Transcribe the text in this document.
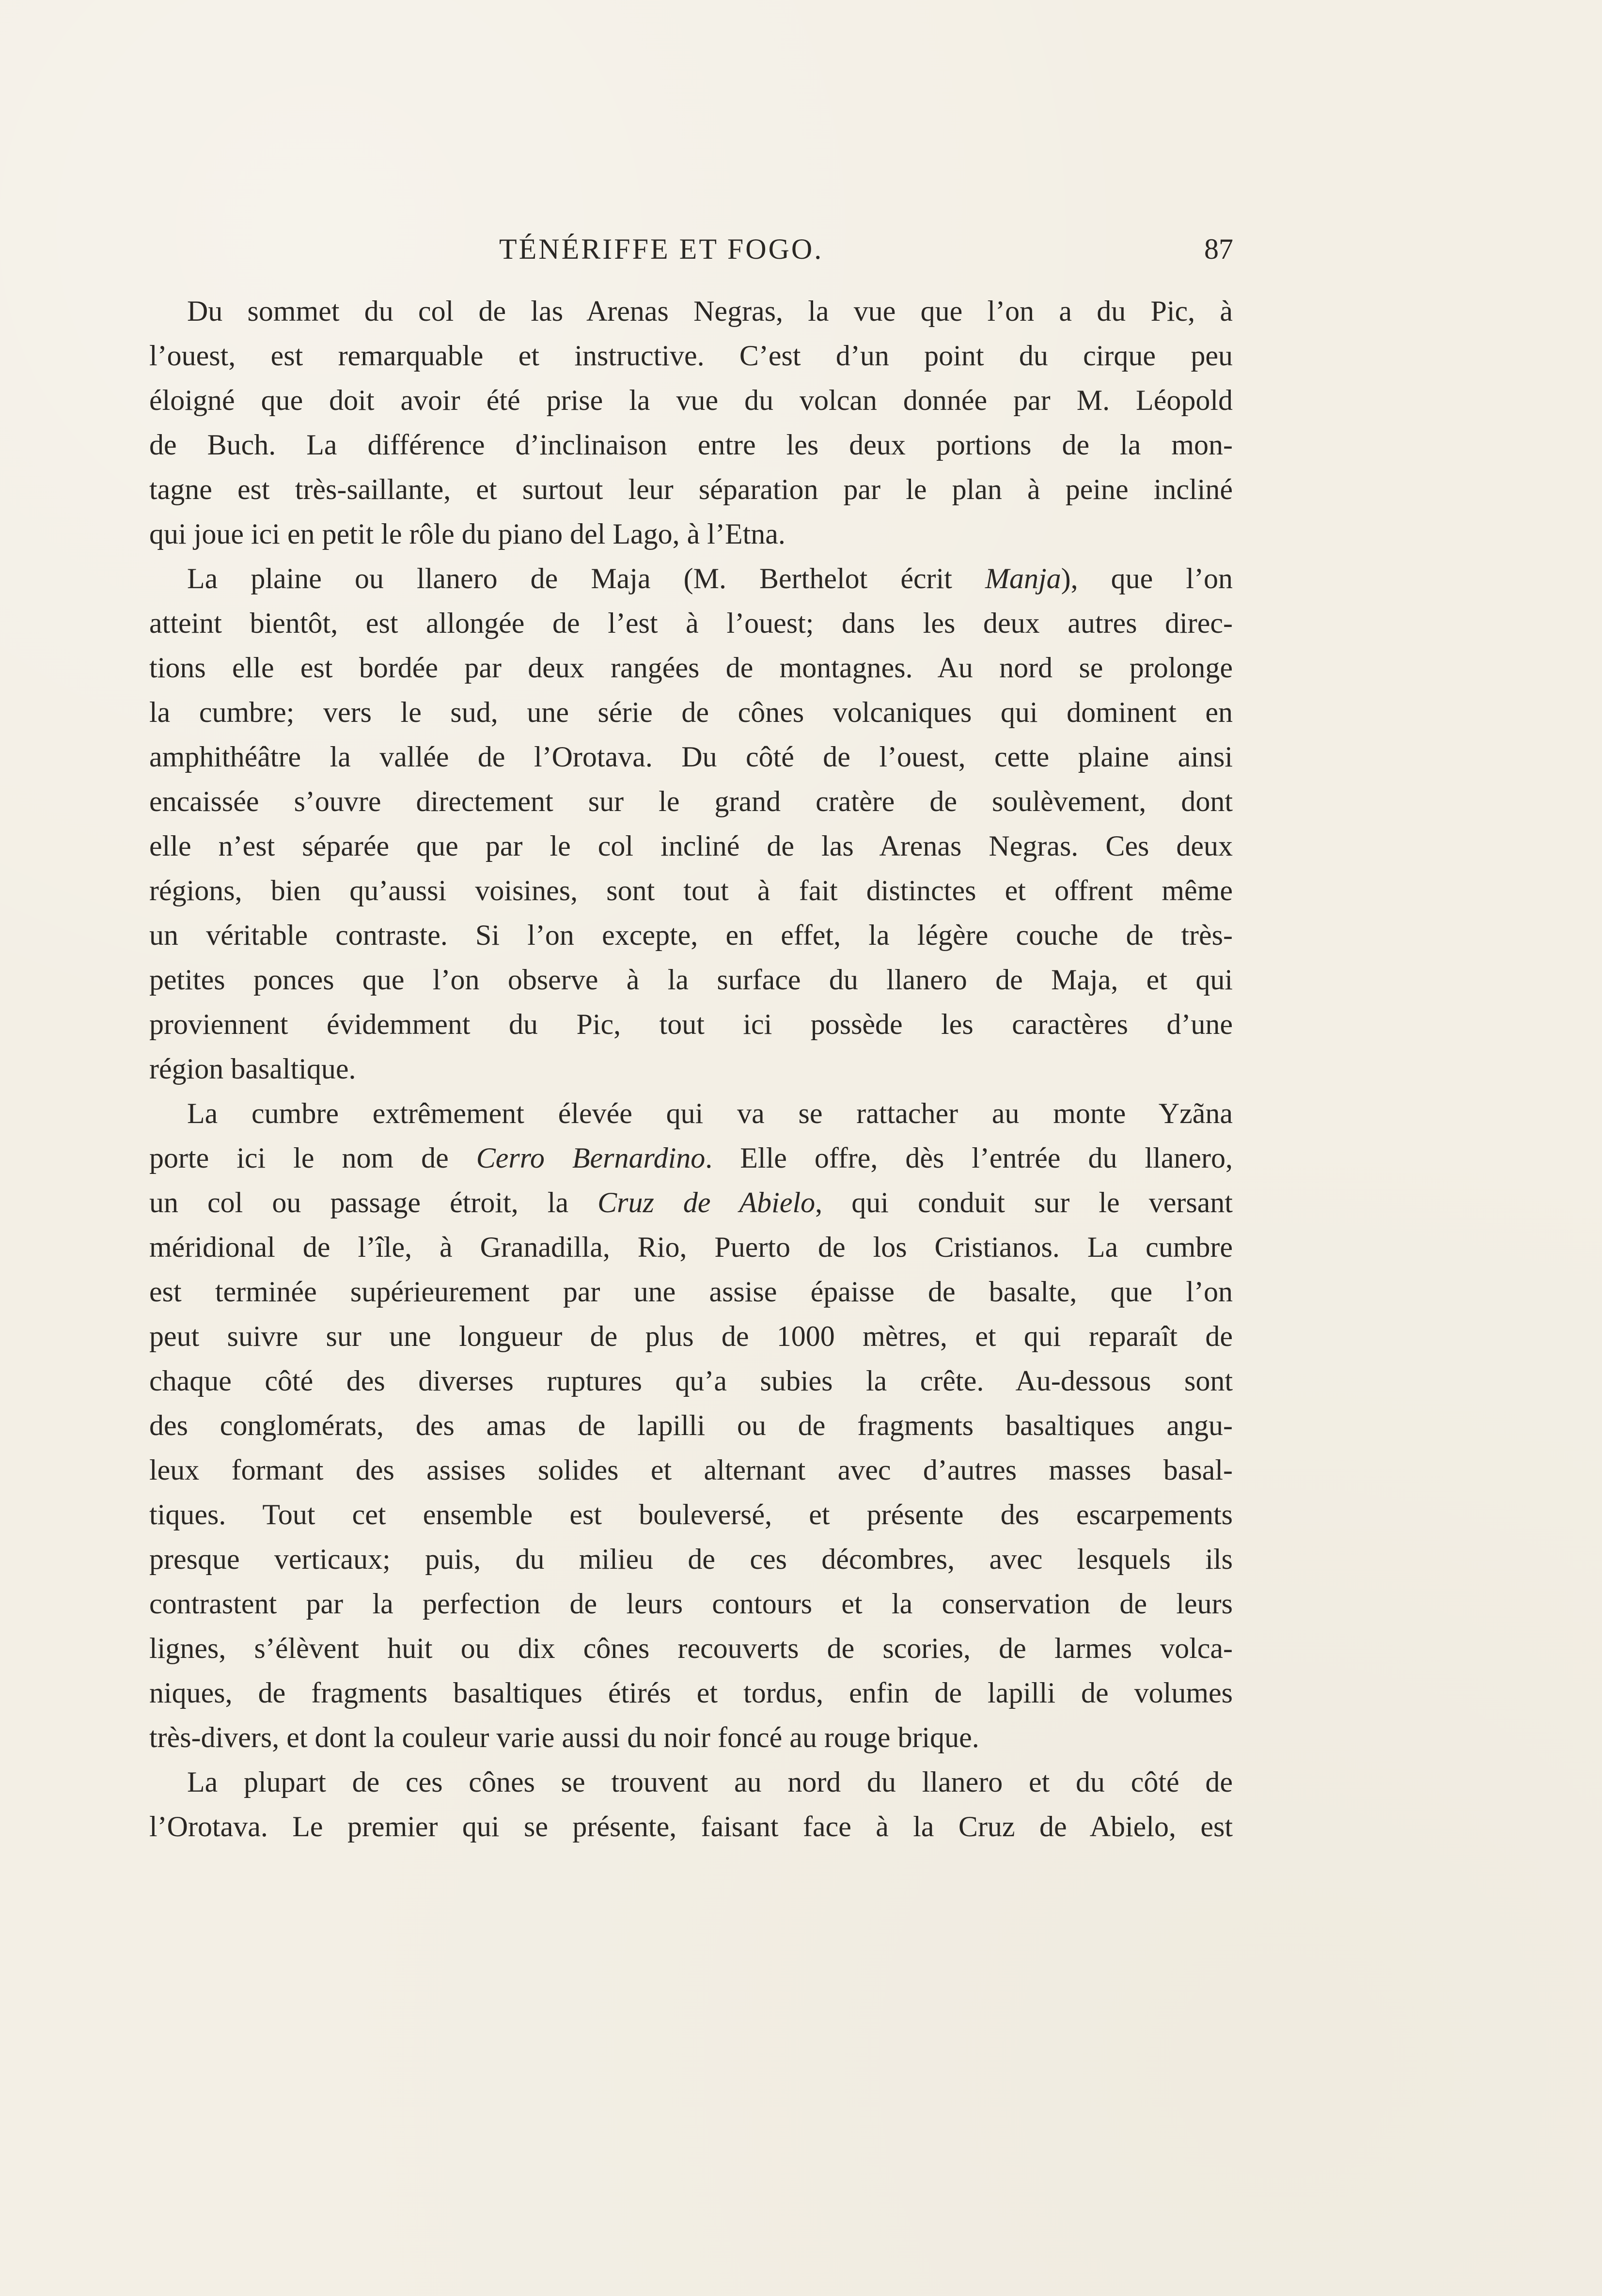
TÉNÉRIFFE ET FOGO.	87
Du sommet du col de las Arenas Negras, la vue que l’on a du Pic, à
l’ouest, est remarquable et instructive. C’est d’un point du cirque peu
éloigné que doit avoir été prise la vue du volcan donnée par M. Léopold
de Buch. La différence d’inclinaison entre les deux portions de la mon-
tagne est très-saillante, et surtout leur séparation par le plan à peine incliné
qui joue ici en petit le rôle du piano del Lago, à l’Etna.
La plaine ou llanero de Maja (M. Berthelot écrit Manja), que l’on
atteint bientôt, est allongée de l’est à l’ouest; dans les deux autres direc-
tions elle est bordée par deux rangées de montagnes. Au nord se prolonge
la cumbre; vers le sud, une série de cônes volcaniques qui dominent en
amphithéâtre la vallée de l’Orotava. Du côté de l’ouest, cette plaine ainsi
encaissée s’ouvre directement sur le grand cratère de soulèvement, dont
elle n’est séparée que par le col incliné de las Arenas Negras. Ces deux
régions, bien qu’aussi voisines, sont tout à fait distinctes et offrent même
un véritable contraste. Si l’on excepte, en effet, la légère couche de très-
petites ponces que l’on observe à la surface du llanero de Maja, et qui
proviennent évidemment du Pic, tout ici possède les caractères d’une
région basaltique.
La cumbre extrêmement élevée qui va se rattacher au monte Yzãna
porte ici le nom de Cerro Bernardino. Elle offre, dès l’entrée du llanero,
un col ou passage étroit, la Cruz de Abielo, qui conduit sur le versant
méridional de l’île, à Granadilla, Rio, Puerto de los Cristianos. La cumbre
est terminée supérieurement par une assise épaisse de basalte, que l’on
peut suivre sur une longueur de plus de 1000 mètres, et qui reparaît de
chaque côté des diverses ruptures qu’a subies la crête. Au-dessous sont
des conglomérats, des amas de lapilli ou de fragments basaltiques angu-
leux formant des assises solides et alternant avec d’autres masses basal-
tiques. Tout cet ensemble est bouleversé, et présente des escarpements
presque verticaux; puis, du milieu de ces décombres, avec lesquels ils
contrastent par la perfection de leurs contours et la conservation de leurs
lignes, s’élèvent huit ou dix cônes recouverts de scories, de larmes volca-
niques, de fragments basaltiques étirés et tordus, enfin de lapilli de volumes
très-divers, et dont la couleur varie aussi du noir foncé au rouge brique.
La plupart de ces cônes se trouvent au nord du llanero et du côté de
l’Orotava. Le premier qui se présente, faisant face à la Cruz de Abielo, est
